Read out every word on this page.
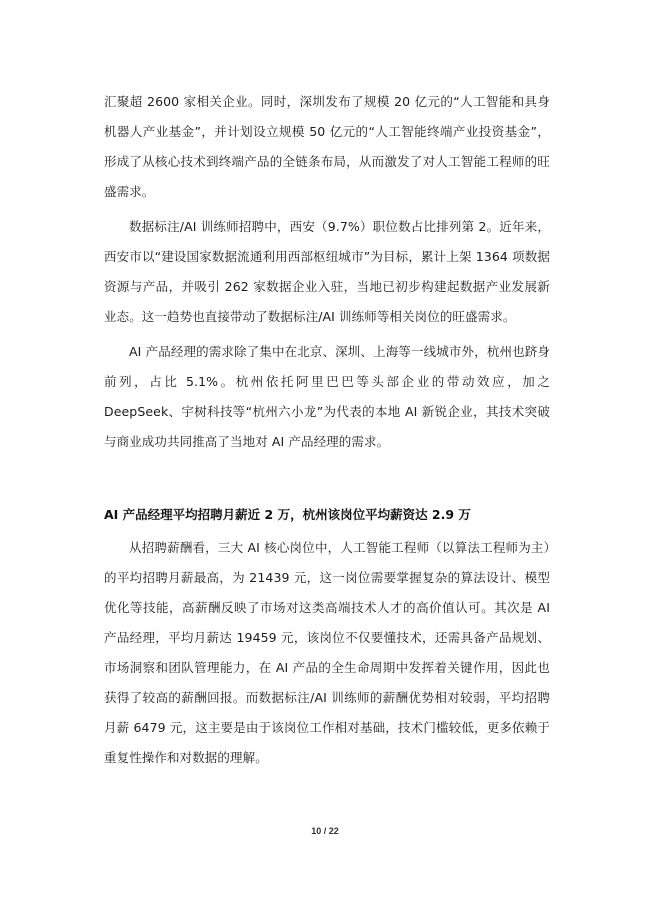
汇聚超 2600 家相关企业。同时，深圳发布了规模 20 亿元的“人工智能和具身机器人产业基金”，并计划设立规模 50 亿元的“人工智能终端产业投资基金”，形成了从核心技术到终端产品的全链条布局，从而激发了对人工智能工程师的旺盛需求。

数据标注/AI 训练师招聘中，西安（9.7%）职位数占比排列第 2。近年来，西安市以“建设国家数据流通利用西部枢纽城市”为目标，累计上架 1364 项数据资源与产品，并吸引 262 家数据企业入驻，当地已初步构建起数据产业发展新业态。这一趋势也直接带动了数据标注/AI 训练师等相关岗位的旺盛需求。

AI 产品经理的需求除了集中在北京、深圳、上海等一线城市外，杭州也跻身前列，占比 5.1%。杭州依托阿里巴巴等头部企业的带动效应，加之 DeepSeek、宇树科技等“杭州六小龙”为代表的本地 AI 新锐企业，其技术突破与商业成功共同推高了当地对 AI 产品经理的需求。

AI 产品经理平均招聘月薪近 2 万，杭州该岗位平均薪资达 2.9 万

从招聘薪酬看，三大 AI 核心岗位中，人工智能工程师（以算法工程师为主）的平均招聘月薪最高，为 21439 元，这一岗位需要掌握复杂的算法设计、模型优化等技能，高薪酬反映了市场对这类高端技术人才的高价值认可。其次是 AI 产品经理，平均月薪达 19459 元，该岗位不仅要懂技术，还需具备产品规划、市场洞察和团队管理能力，在 AI 产品的全生命周期中发挥着关键作用，因此也获得了较高的薪酬回报。而数据标注/AI 训练师的薪酬优势相对较弱，平均招聘月薪 6479 元，这主要是由于该岗位工作相对基础，技术门槛较低，更多依赖于重复性操作和对数据的理解。

10 / 22
